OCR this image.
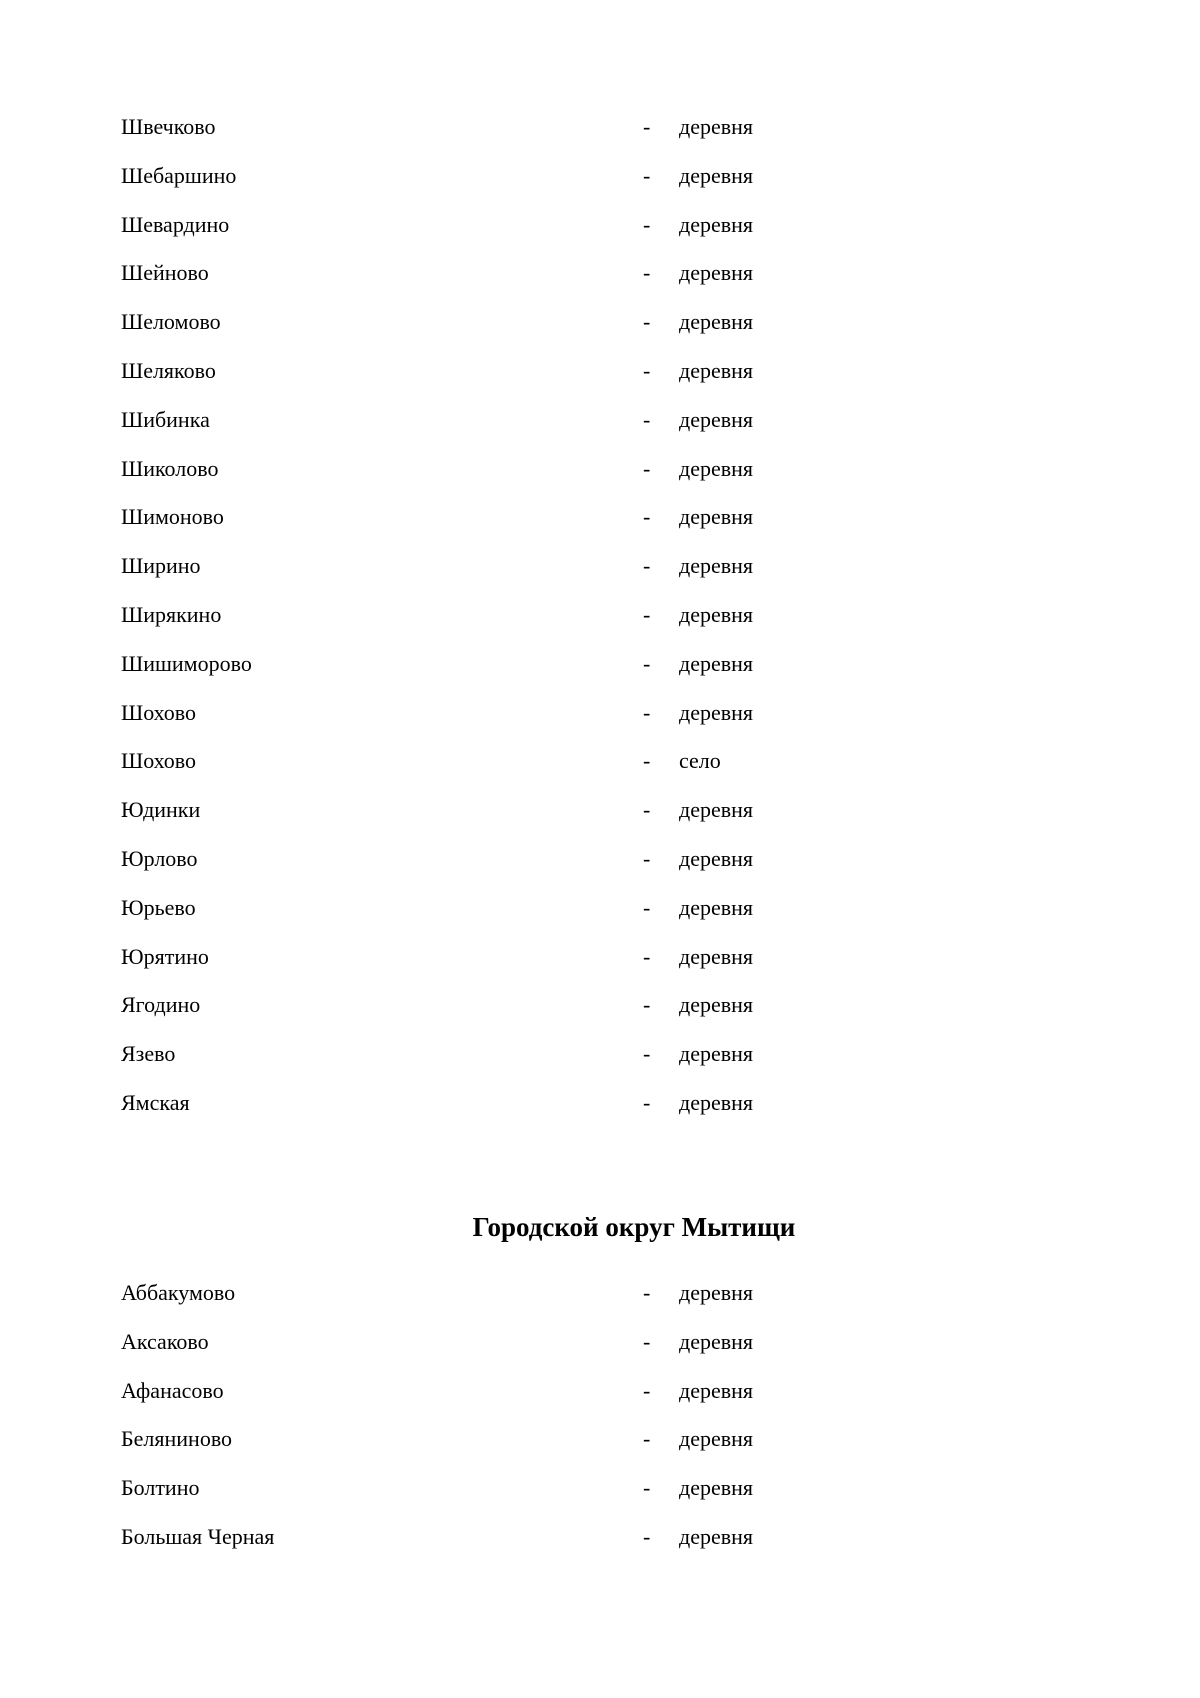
Швечково	- деревня
Шебаршино	- деревня
Шевардино	- деревня
Шейново	- деревня
Шеломово	- деревня
Шеляково	- деревня
Шибинка	- деревня
Шиколово	- деревня
Шимоново	- деревня
Ширино	- деревня
Ширякино	- деревня
Шишиморово	- деревня
Шохово	- деревня
Шохово	- село
Юдинки	- деревня
Юрлово	- деревня
Юрьево	- деревня
Юрятино	- деревня
Ягодино	- деревня
Язево	- деревня
Ямская	- деревня
Городской округ Мытищи
Аббакумово	- деревня
Аксаково	- деревня
Афанасово	- деревня
Белянинoво	- деревня
Болтино	- деревня
Большая Черная	- деревня
